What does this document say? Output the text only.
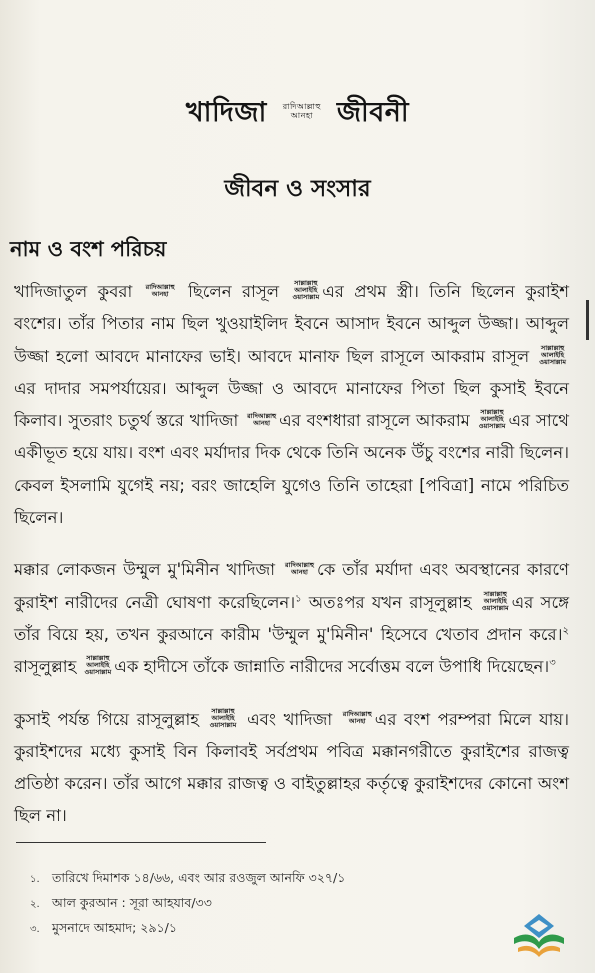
খাদিজা রাদিআল্লাহু
আনহা জীবনী
জীবন ও সংসার
নাম ও বংশ পরিচয়

খাদিজাতুল কুবরা রাদিআল্লাহু
আনহা ছিলেন রাসূল সাল্লাল্লাহু
আলাইহি
ওয়াসাল্লাম এর প্রথম স্ত্রী। তিনি ছিলেন কুরাইশ বংশের। তাঁর পিতার নাম ছিল খুওয়াইলিদ ইবনে আসাদ ইবনে আব্দুল উজ্জা। আব্দুল উজ্জা হলো আবদে মানাফের ভাই। আবদে মানাফ ছিল রাসূলে আকরাম রাসূল সাল্লাল্লাহু
আলাইহি
ওয়াসাল্লামএর দাদার সমপর্যায়ের। আব্দুল উজ্জা ও আবদে মানাফের পিতা ছিল কুসাই ইবনে কিলাব। সুতরাং চতুর্থ স্তরে খাদিজা রাদিআল্লাহু
আনহা এর বংশধারা রাসূলে আকরাম সাল্লাল্লাহু
আলাইহি
ওয়াসাল্লাম এর সাথে একীভূত হয়ে যায়। বংশ এবং মর্যাদার দিক থেকে তিনি অনেক উঁচু বংশের নারী ছিলেন। কেবল ইসলামি যুগেই নয়; বরং জাহেলি যুগেও তিনি তাহেরা [পবিত্রা] নামে পরিচিত ছিলেন।

মক্কার লোকজন উম্মুল মু'মিনীন খাদিজা রাদিআল্লাহু
আনহা কে তাঁর মর্যাদা এবং অবস্থানের কারণে কুরাইশ নারীদের নেত্রী ঘোষণা করেছিলেন।$^১$ অতঃপর যখন রাসূলুল্লাহ সাল্লাল্লাহু
আলাইহি
ওয়াসাল্লাম এর সঙ্গে তাঁর বিয়ে হয়, তখন কুরআনে কারীম 'উম্মুল মু'মিনীন' হিসেবে খেতাব প্রদান করে।$^২$ রাসূলুল্লাহ সাল্লাল্লাহু
আলাইহি
ওয়াসাল্লাম এক হাদীসে তাঁকে জান্নাতি নারীদের সর্বোত্তম বলে উপাধি দিয়েছেন।$^৩$

কুসাই পর্যন্ত গিয়ে রাসূলুল্লাহ সাল্লাল্লাহু
আলাইহি
ওয়াসাল্লাম এবং খাদিজা রাদিআল্লাহু
আনহা এর বংশ পরম্পরা মিলে যায়। কুরাইশদের মধ্যে কুসাই বিন কিলাবই সর্বপ্রথম পবিত্র মক্কানগরীতে কুরাইশের রাজত্ব প্রতিষ্ঠা করেন। তাঁর আগে মক্কার রাজত্ব ও বাইতুল্লাহর কর্তৃত্বে কুরাইশদের কোনো অংশ ছিল না।

১. তারিখে দিমাশক ১৪/৬৬, এবং আর রওজুল আনফি ৩২৭/১
২. আল কুরআন : সূরা আহযাব/৩৩
৩. মুসনাদে আহমাদ; ২৯১/১
